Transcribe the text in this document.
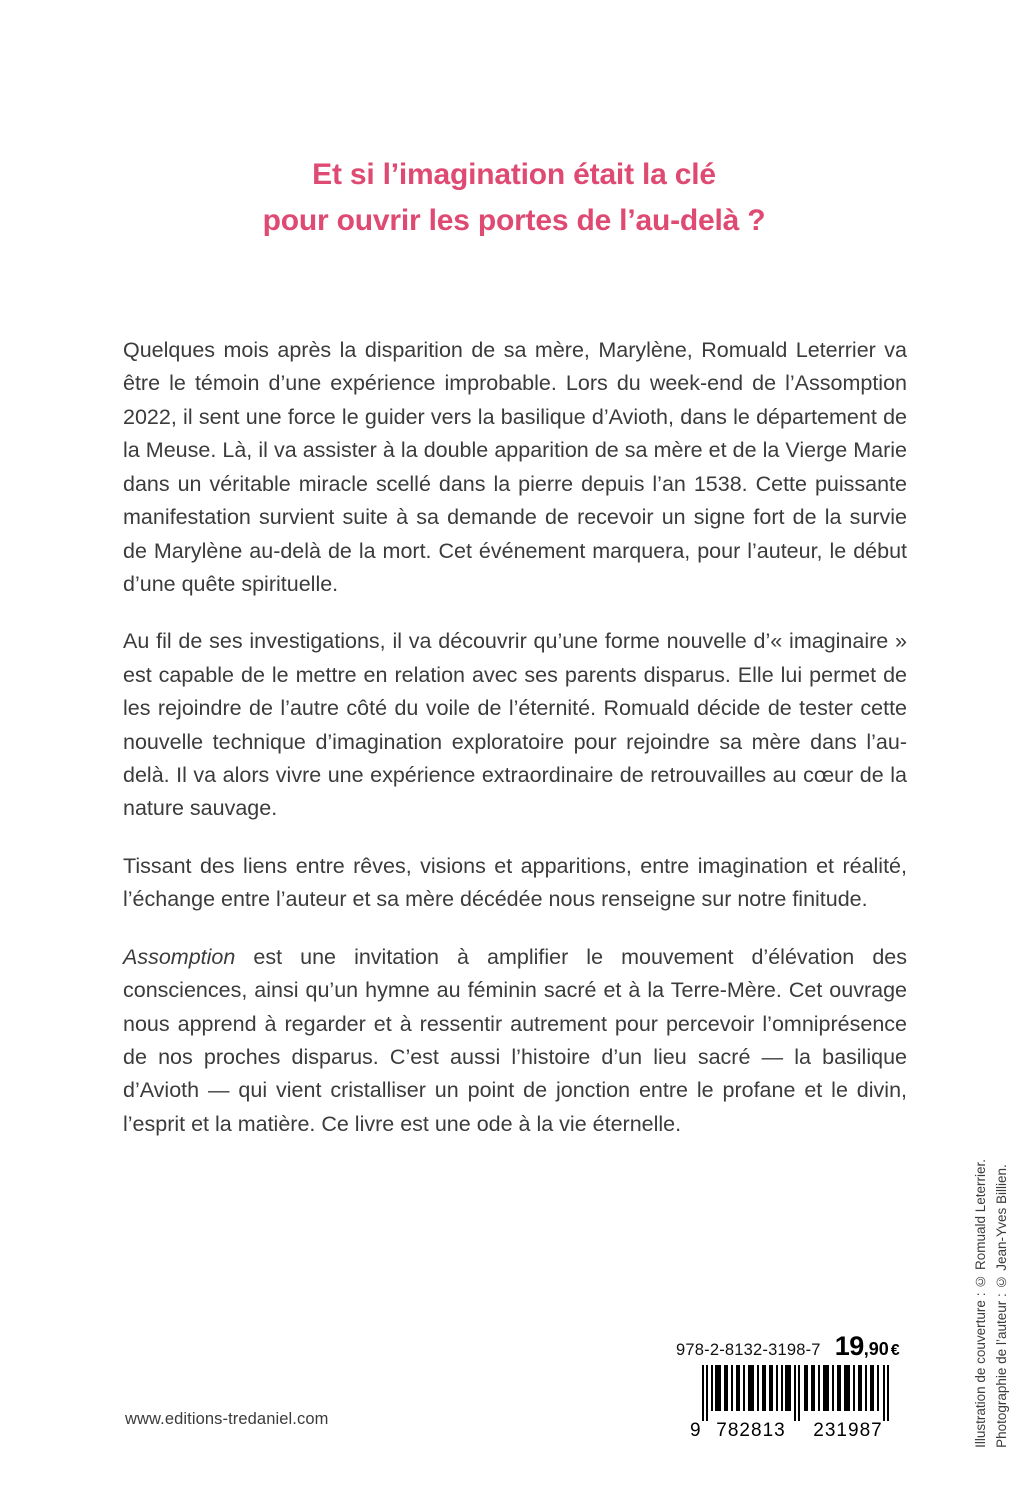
Et si l’imagination était la clé
pour ouvrir les portes de l’au-delà ?

Quelques mois après la disparition de sa mère, Marylène, Romuald Leterrier va être le témoin d’une expérience improbable. Lors du week-end de l’Assomption 2022, il sent une force le guider vers la basilique d’Avioth, dans le département de la Meuse. Là, il va assister à la double apparition de sa mère et de la Vierge Marie dans un véritable miracle scellé dans la pierre depuis l’an 1538. Cette puissante manifestation survient suite à sa demande de recevoir un signe fort de la survie de Marylène au-delà de la mort. Cet événement marquera, pour l’auteur, le début d’une quête spirituelle.

Au fil de ses investigations, il va découvrir qu’une forme nouvelle d’« imaginaire » est capable de le mettre en relation avec ses parents disparus. Elle lui permet de les rejoindre de l’autre côté du voile de l’éternité. Romuald décide de tester cette nouvelle technique d’imagination exploratoire pour rejoindre sa mère dans l’au-delà. Il va alors vivre une expérience extraordinaire de retrouvailles au cœur de la nature sauvage.

Tissant des liens entre rêves, visions et apparitions, entre imagination et réalité, l’échange entre l’auteur et sa mère décédée nous renseigne sur notre finitude.

Assomption est une invitation à amplifier le mouvement d’élévation des consciences, ainsi qu’un hymne au féminin sacré et à la Terre-Mère. Cet ouvrage nous apprend à regarder et à ressentir autrement pour percevoir l’omniprésence de nos proches disparus. C’est aussi l’histoire d’un lieu sacré — la basilique d’Avioth — qui vient cristalliser un point de jonction entre le profane et le divin, l’esprit et la matière. Ce livre est une ode à la vie éternelle.

www.editions-tredaniel.com
978-2-8132-3198-7 19,90 €
9 782813	231987	Illustration de couverture : © Romuald Leterrier. Photographie de l’auteur : © Jean-Yves Billien.
